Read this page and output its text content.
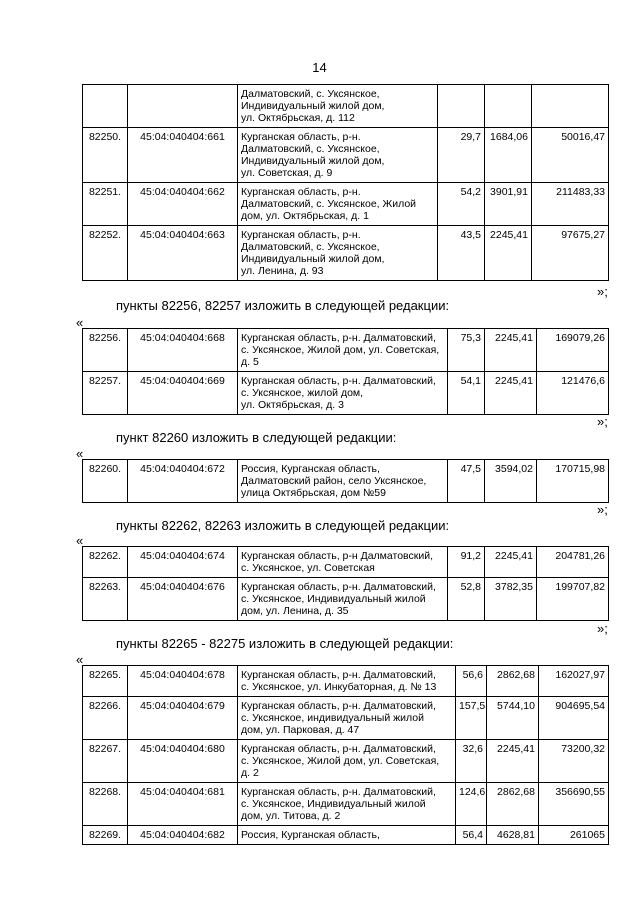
14
		Далматовский, с. Уксянское,
Индивидуальный жилой дом,
ул. Октябрьская, д. 112			
82250.	45:04:040404:661	Курганская область, р-н.
Далматовский, с. Уксянское,
Индивидуальный жилой дом,
ул. Советская, д. 9	29,7	1684,06	50016,47
82251.	45:04:040404:662	Курганская область, р-н.
Далматовский, с. Уксянское, Жилой
дом, ул. Октябрьская, д. 1	54,2	3901,91	211483,33
82252.	45:04:040404:663	Курганская область, р-н.
Далматовский, с. Уксянское,
Индивидуальный жилой дом,
ул. Ленина, д. 93	43,5	2245,41	97675,27
»;
пункты 82256, 82257 изложить в следующей редакции:
«
82256.	45:04:040404:668	Курганская область, р-н. Далматовский,
с. Уксянское, Жилой дом, ул. Советская,
д. 5	75,3	2245,41	169079,26
82257.	45:04:040404:669	Курганская область, р-н. Далматовский,
с. Уксянское, жилой дом,
ул. Октябрьская, д. 3	54,1	2245,41	121476,6
»;
пункт 82260 изложить в следующей редакции:
«
82260.	45:04:040404:672	Россия, Курганская область,
Далматовский район, село Уксянское,
улица Октябрьская, дом №59	47,5	3594,02	170715,98
»;
пункты 82262, 82263 изложить в следующей редакции:
«
82262.	45:04:040404:674	Курганская область, р-н Далматовский,
с. Уксянское, ул. Советская	91,2	2245,41	204781,26
82263.	45:04:040404:676	Курганская область, р-н. Далматовский,
с. Уксянское, Индивидуальный жилой
дом, ул. Ленина, д. 35	52,8	3782,35	199707,82
»;
пункты 82265 - 82275 изложить в следующей редакции:
«
82265.	45:04:040404:678	Курганская область, р-н. Далматовский,
с. Уксянское, ул. Инкубаторная, д. № 13	56,6	2862,68	162027,97
82266.	45:04:040404:679	Курганская область, р-н. Далматовский,
с. Уксянское, индивидуальный жилой
дом, ул. Парковая, д. 47	157,5	5744,10	904695,54
82267.	45:04:040404:680	Курганская область, р-н. Далматовский,
с. Уксянское, Жилой дом, ул. Советская,
д. 2	32,6	2245,41	73200,32
82268.	45:04:040404:681	Курганская область, р-н. Далматовский,
с. Уксянское, Индивидуальный жилой
дом, ул. Титова, д. 2	124,6	2862,68	356690,55
82269.	45:04:040404:682	Россия, Курганская область,	56,4	4628,81	261065
